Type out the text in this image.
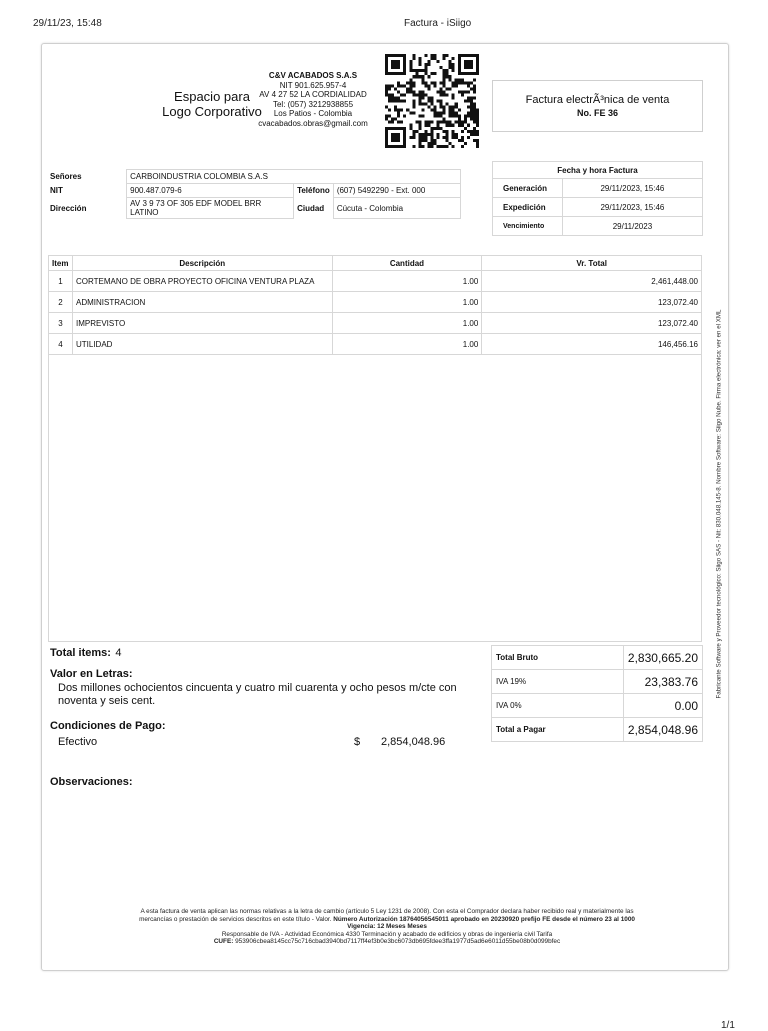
29/11/23, 15:48	Factura - iSiigo
1/1
Espacio para
Logo Corporativo
C&V ACABADOS S.A.S
NIT 901.625.957-4
AV 4 27 52 LA CORDIALIDAD
Tel: (057) 3212938855
Los Patios - Colombia
cvacabados.obras@gmail.com
Factura electrÃ³nica de venta
No. FE 36
Señores	CARBOINDUSTRIA COLOMBIA S.A.S		
NIT	900.487.079-6	Teléfono	(607) 5492290 - Ext. 000
Dirección	AV 3 9 73 OF 305 EDF MODEL BRR LATINO	Ciudad	Cúcuta - Colombia
Fecha y hora Factura	
Generación	29/11/2023, 15:46
Expedición	29/11/2023, 15:46
Vencimiento	29/11/2023
Item	Descripción	Cantidad	Vr. Total
1	CORTEMANO DE OBRA PROYECTO OFICINA VENTURA PLAZA	1.00	2,461,448.00
2	ADMINISTRACION	1.00	123,072.40
3	IMPREVISTO	1.00	123,072.40
4	UTILIDAD	1.00	146,456.16	Fabricante Software y Proveedor tecnológico: Siigo SAS - Nit: 830.048.145-8. Nombre Software: Siigo Nube. Firma electrónica: ver en el XML
Total items: 4
Valor en Letras:
Dos millones ochocientos cincuenta y cuatro mil cuarenta y ocho pesos m/cte con noventa y seis cent.
Condiciones de Pago:
Efectivo	$ 2,854,048.96
Observaciones:
Total Bruto	2,830,665.20
IVA 19%	23,383.76
IVA 0%	0.00
Total a Pagar	2,854,048.96
A esta factura de venta aplican las normas relativas a la letra de cambio (artículo 5 Ley 1231 de 2008). Con esta el Comprador declara haber recibido real y materialmente las
mercancías o prestación de servicios descritos en este título - Valor. Número Autorización 18764056545011 aprobado en 20230920 prefijo FE desde el número 23 al 1000
Vigencia: 12 Meses Meses
Responsable de IVA - Actividad Económica 4330 Terminación y acabado de edificios y obras de ingeniería civil Tarifa
CUFE: 953906cbea8145cc75c716cbad3940bd7117ff4ef3b0e3bc6073db695fdee3ffa1977d5ad6e6011d55be08b0d099bfec
